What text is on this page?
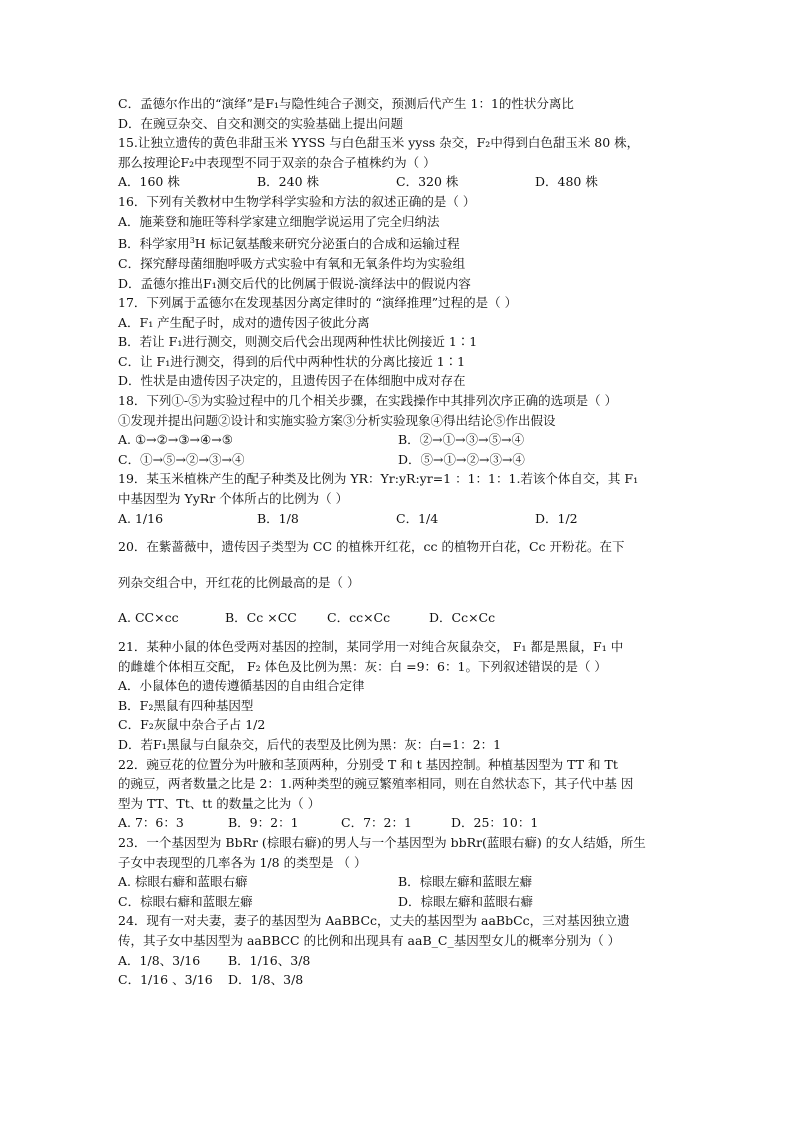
C．孟德尔作出的“演绎”是F₁与隐性纯合子测交，预测后代产生 1：1的性状分离比
D．在豌豆杂交、自交和测交的实验基础上提出问题
15.让独立遗传的黄色非甜玉米 YYSS 与白色甜玉米 yyss 杂交，F₂中得到白色甜玉米 80 株，
那么按理论F₂中表现型不同于双亲的杂合子植株约为（ ）
A．160 株	B．240 株	C．320 株	D．480 株
16．下列有关教材中生物学科学实验和方法的叙述正确的是（ ）
A．施莱登和施旺等科学家建立细胞学说运用了完全归纳法
B．科学家用$^3$H 标记氨基酸来研究分泌蛋白的合成和运输过程
C．探究酵母菌细胞呼吸方式实验中有氧和无氧条件均为实验组
D．孟德尔推出F₁测交后代的比例属于假说-演绎法中的假说内容
17．下列属于孟德尔在发现基因分离定律时的 “演绎推理”过程的是（ ）
A．F₁ 产生配子时，成对的遗传因子彼此分离
B．若让 F₁进行测交，则测交后代会出现两种性状比例接近 1∶1
C．让 F₁进行测交，得到的后代中两种性状的分离比接近 1∶1
D．性状是由遗传因子决定的，且遗传因子在体细胞中成对存在
18．下列①-⑤为实验过程中的几个相关步骤，在实践操作中其排列次序正确的选项是（ ）
①发现并提出问题②设计和实施实验方案③分析实验现象④得出结论⑤作出假设
A. ①→②→③→④→⑤	B．②→①→③→⑤→④
C．①→⑤→②→③→④	D．⑤→①→②→③→④
19．某玉米植株产生的配子种类及比例为 YR：Yr:yR:yr=1 ：1：1：1.若该个体自交，其 F₁
中基因型为 YyRr 个体所占的比例为（ ）
A. 1/16	B．1/8	C．1/4	D．1/2
20．在紫蔷薇中，遗传因子类型为 CC 的植株开红花，cc 的植物开白花，Cc 开粉花。在下
列杂交组合中，开红花的比例最高的是（ ）
A. CC×cc	B．Cc ×CC	C．cc×Cc	D．Cc×Cc
21．某种小鼠的体色受两对基因的控制，某同学用一对纯合灰鼠杂交， F₁ 都是黑鼠，F₁ 中
的雌雄个体相互交配， F₂ 体色及比例为黑：灰：白 =9：6：1。下列叙述错误的是（ ）
A．小鼠体色的遗传遵循基因的自由组合定律
B．F₂黑鼠有四种基因型
C．F₂灰鼠中杂合子占 1/2
D．若F₁黑鼠与白鼠杂交，后代的表型及比例为黑：灰：白=1：2：1
22．豌豆花的位置分为叶腋和茎顶两种，分别受 T 和 t 基因控制。种植基因型为 TT 和 Tt
的豌豆，两者数量之比是 2：1.两种类型的豌豆繁殖率相同，则在自然状态下，其子代中基 因
型为 TT、Tt、tt 的数量之比为（ ）
A. 7：6：3	B．9：2：1	C．7：2：1	D．25：10：1
23．一个基因型为 BbRr (棕眼右癖)的男人与一个基因型为 bbRr(蓝眼右癖) 的女人结婚，所生
子女中表现型的几率各为 1/8 的类型是 （ ）
A. 棕眼右癖和蓝眼右癖	B．棕眼左癖和蓝眼左癖
C．棕眼右癖和蓝眼左癖	D．棕眼左癖和蓝眼右癖
24．现有一对夫妻，妻子的基因型为 AaBBCc，丈夫的基因型为 aaBbCc，三对基因独立遗
传，其子女中基因型为 aaBBCC 的比例和出现具有 aaB_C_基因型女儿的概率分别为（ ）
A．1/8、3/16	B．1/16、3/8
C．1/16 、3/16	D．1/8、3/8
